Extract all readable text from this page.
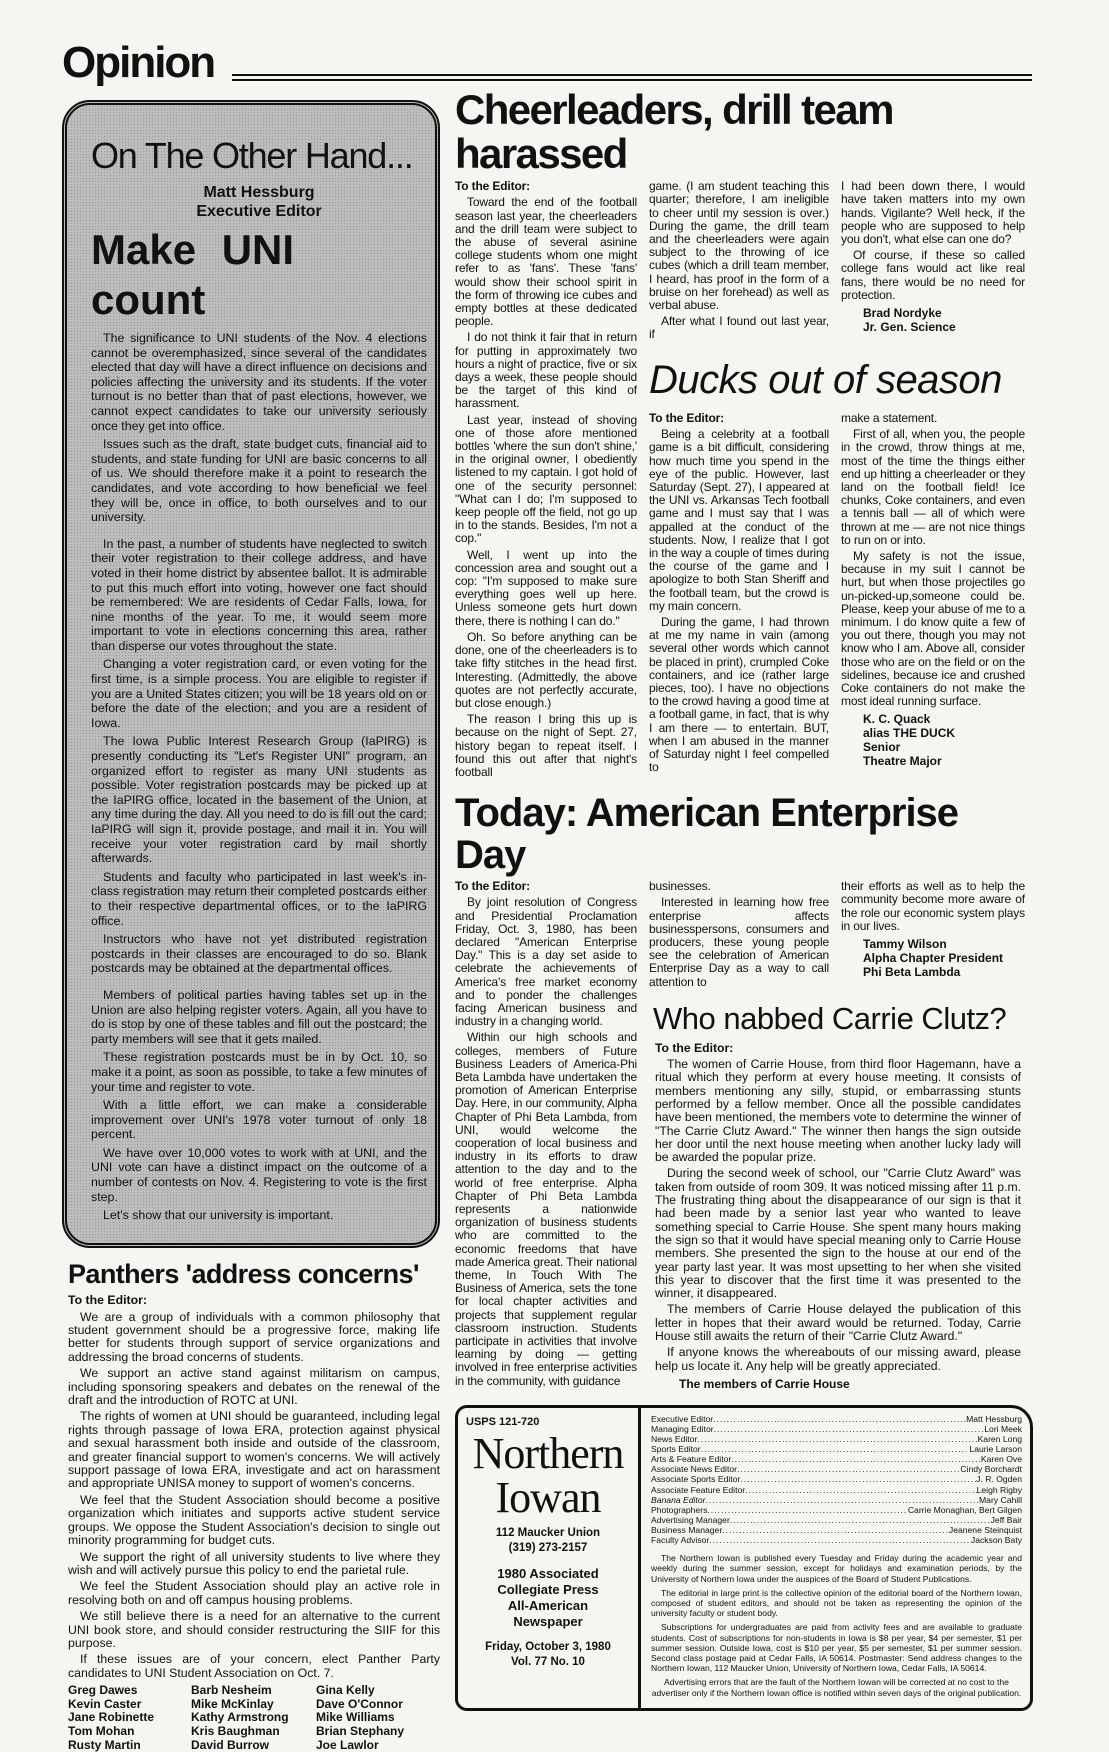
Opinion
On The Other Hand...
Matt Hessburg
Executive Editor
Make UNI count

The significance to UNI students of the Nov. 4 elections cannot be overemphasized, since several of the candidates elected that day will have a direct influence on decisions and policies affecting the university and its students. If the voter turnout is no better than that of past elections, however, we cannot expect candidates to take our university seriously once they get into office.

Issues such as the draft, state budget cuts, financial aid to students, and state funding for UNI are basic concerns to all of us. We should therefore make it a point to research the candidates, and vote according to how beneficial we feel they will be, once in office, to both ourselves and to our university.

In the past, a number of students have neglected to switch their voter registration to their college address, and have voted in their home district by absentee ballot. It is admirable to put this much effort into voting, however one fact should be remembered: We are residents of Cedar Falls, Iowa, for nine months of the year. To me, it would seem more important to vote in elections concerning this area, rather than disperse our votes throughout the state.

Changing a voter registration card, or even voting for the first time, is a simple process. You are eligible to register if you are a United States citizen; you will be 18 years old on or before the date of the election; and you are a resident of Iowa.

The Iowa Public Interest Research Group (IaPIRG) is presently conducting its "Let's Register UNI" program, an organized effort to register as many UNI students as possible. Voter registration postcards may be picked up at the IaPIRG office, located in the basement of the Union, at any time during the day. All you need to do is fill out the card; IaPIRG will sign it, provide postage, and mail it in. You will receive your voter registration card by mail shortly afterwards.

Students and faculty who participated in last week's in-class registration may return their completed postcards either to their respective departmental offices, or to the IaPIRG office.

Instructors who have not yet distributed registration postcards in their classes are encouraged to do so. Blank postcards may be obtained at the departmental offices.

Members of political parties having tables set up in the Union are also helping register voters. Again, all you have to do is stop by one of these tables and fill out the postcard; the party members will see that it gets mailed.

These registration postcards must be in by Oct. 10, so make it a point, as soon as possible, to take a few minutes of your time and register to vote.

With a little effort, we can make a considerable improvement over UNI's 1978 voter turnout of only 18 percent.

We have over 10,000 votes to work with at UNI, and the UNI vote can have a distinct impact on the outcome of a number of contests on Nov. 4. Registering to vote is the first step.

Let's show that our university is important.

Panthers 'address concerns'

To the Editor:

We are a group of individuals with a common philosophy that student government should be a progressive force, making life better for students through support of service organizations and addressing the broad concerns of students.

We support an active stand against militarism on campus, including sponsoring speakers and debates on the renewal of the draft and the introduction of ROTC at UNI.

The rights of women at UNI should be guaranteed, including legal rights through passage of Iowa ERA, protection against physical and sexual harassment both inside and outside of the classroom, and greater financial support to women's concerns. We will actively support passage of Iowa ERA, investigate and act on harassment and appropriate UNISA money to support of women's concerns.

We feel that the Student Association should become a positive organization which initiates and supports active student service groups. We oppose the Student Association's decision to single out minority programming for budget cuts.

We support the right of all university students to live where they wish and will actively pursue this policy to end the parietal rule.

We feel the Student Association should play an active role in resolving both on and off campus housing problems.

We still believe there is a need for an alternative to the current UNI book store, and should consider restructuring the SIIF for this purpose.

If these issues are of your concern, elect Panther Party candidates to UNI Student Association on Oct. 7.

Greg Dawes	Barb Nesheim	Gina Kelly
Kevin Caster	Mike McKinlay	Dave O'Connor
Jane Robinette	Kathy Armstrong	Mike Williams
Tom Mohan	Kris Baughman	Brian Stephany
Rusty Martin	David Burrow	Joe Lawlor
Cheerleaders, drill team harassed

To the Editor:

Toward the end of the football season last year, the cheerleaders and the drill team were subject to the abuse of several asinine college students whom one might refer to as 'fans'. These 'fans' would show their school spirit in the form of throwing ice cubes and empty bottles at these dedicated people.

I do not think it fair that in return for putting in approximately two hours a night of practice, five or six days a week, these people should be the target of this kind of harassment.

Last year, instead of shoving one of those afore mentioned bottles 'where the sun don't shine,' in the original owner, I obediently listened to my captain. I got hold of one of the security personnel: "What can I do; I'm supposed to keep people off the field, not go up in to the stands. Besides, I'm not a cop."

Well, I went up into the concession area and sought out a cop: "I'm supposed to make sure everything goes well up here. Unless someone gets hurt down there, there is nothing I can do."

Oh. So before anything can be done, one of the cheerleaders is to take fifty stitches in the head first. Interesting. (Admittedly, the above quotes are not perfectly accurate, but close enough.)

The reason I bring this up is because on the night of Sept. 27, history began to repeat itself. I found this out after that night's football

game. (I am student teaching this quarter; therefore, I am ineligible to cheer until my session is over.) During the game, the drill team and the cheerleaders were again subject to the throwing of ice cubes (which a drill team member, I heard, has proof in the form of a bruise on her forehead) as well as verbal abuse.

After what I found out last year, if

I had been down there, I would have taken matters into my own hands. Vigilante? Well heck, if the people who are supposed to help you don't, what else can one do?

Of course, if these so called college fans would act like real fans, there would be no need for protection.

Brad Nordyke
Jr. Gen. Science
Ducks out of season

To the Editor:

Being a celebrity at a football game is a bit difficult, considering how much time you spend in the eye of the public. However, last Saturday (Sept. 27), I appeared at the UNI vs. Arkansas Tech football game and I must say that I was appalled at the conduct of the students. Now, I realize that I got in the way a couple of times during the course of the game and I apologize to both Stan Sheriff and the football team, but the crowd is my main concern.

During the game, I had thrown at me my name in vain (among several other words which cannot be placed in print), crumpled Coke containers, and ice (rather large pieces, too). I have no objections to the crowd having a good time at a football game, in fact, that is why I am there — to entertain. BUT, when I am abused in the manner of Saturday night I feel compelled to

make a statement.

First of all, when you, the people in the crowd, throw things at me, most of the time the things either end up hitting a cheerleader or they land on the football field! Ice chunks, Coke containers, and even a tennis ball — all of which were thrown at me — are not nice things to run on or into.

My safety is not the issue, because in my suit I cannot be hurt, but when those projectiles go un-picked-up,someone could be. Please, keep your abuse of me to a minimum. I do know quite a few of you out there, though you may not know who I am. Above all, consider those who are on the field or on the sidelines, because ice and crushed Coke containers do not make the most ideal running surface.

K. C. Quack
alias THE DUCK
Senior
Theatre Major
Today: American Enterprise Day

To the Editor:

By joint resolution of Congress and Presidential Proclamation Friday, Oct. 3, 1980, has been declared "American Enterprise Day." This is a day set aside to celebrate the achievements of America's free market economy and to ponder the challenges facing American business and industry in a changing world.

Within our high schools and colleges, members of Future Business Leaders of America-Phi Beta Lambda have undertaken the promotion of American Enterprise Day. Here, in our community, Alpha Chapter of Phi Beta Lambda, from UNI, would welcome the cooperation of local business and industry in its efforts to draw attention to the day and to the world of free enterprise. Alpha Chapter of Phi Beta Lambda represents a nationwide organization of business students who are committed to the economic freedoms that have made America great. Their national theme, In Touch With The Business of America, sets the tone for local chapter activities and projects that supplement regular classroom instruction. Students participate in activities that involve learning by doing — getting involved in free enterprise activities in the community, with guidance

businesses.

Interested in learning how free enterprise affects businesspersons, consumers and producers, these young people see the celebration of American Enterprise Day as a way to call attention to

their efforts as well as to help the community become more aware of the role our economic system plays in our lives.

Tammy Wilson
Alpha Chapter President
Phi Beta Lambda
Who nabbed Carrie Clutz?

To the Editor:

The women of Carrie House, from third floor Hagemann, have a ritual which they perform at every house meeting. It consists of members mentioning any silly, stupid, or embarrassing stunts performed by a fellow member. Once all the possible candidates have been mentioned, the members vote to determine the winner of "The Carrie Clutz Award." The winner then hangs the sign outside her door until the next house meeting when another lucky lady will be awarded the popular prize.

During the second week of school, our "Carrie Clutz Award" was taken from outside of room 309. It was noticed missing after 11 p.m. The frustrating thing about the disappearance of our sign is that it had been made by a senior last year who wanted to leave something special to Carrie House. She spent many hours making the sign so that it would have special meaning only to Carrie House members. She presented the sign to the house at our end of the year party last year. It was most upsetting to her when she visited this year to discover that the first time it was presented to the winner, it disappeared.

The members of Carrie House delayed the publication of this letter in hopes that their award would be returned. Today, Carrie House still awaits the return of their "Carrie Clutz Award."

If anyone knows the whereabouts of our missing award, please help us locate it. Any help will be greatly appreciated.

The members of Carrie House
USPS 121-720
Northern
Iowan
112 Maucker Union
(319) 273-2157
1980 Associated
Collegiate Press
All-American
Newspaper
Friday, October 3, 1980
Vol. 77 No. 10
Executive Editor .....	Matt Hessburg
Managing Editor .....	Lori Meek
News Editor .....	Karen Long
Sports Editor .....	Laurie Larson
Arts & Feature Editor .....	Karen Ove
Associate News Editor .....	Cindy Borchardt
Associate Sports Editor .....	J. R. Ogden
Associate Feature Editor .....	Leigh Rigby
Banana Editor .....	Mary Cahill
Photographers .....	Carrie Monaghan, Bert Gilgen
Advertising Manager .....	Jeff Bair
Business Manager .....	Jeanene Steinquist
Faculty Advisor .....	Jackson Baty

The Northern Iowan is published every Tuesday and Friday during the academic year and weekly during the summer session, except for holidays and examination periods, by the University of Northern Iowa under the auspices of the Board of Student Publications.

The editorial in large print is the collective opinion of the editorial board of the Northern Iowan, composed of student editors, and should not be taken as representing the opinion of the university faculty or student body.

Subscriptions for undergraduates are paid from activity fees and are available to graduate students. Cost of subscriptions for non-students in Iowa is $8 per year, $4 per semester, $1 per summer session. Outside Iowa, cost is $10 per year, $5 per semester, $1 per summer session. Second class postage paid at Cedar Falls, IA 50614. Postmaster: Send address changes to the Northern Iowan, 112 Maucker Union, University of Northern Iowa, Cedar Falls, IA 50614.

Advertising errors that are the fault of the Northern Iowan will be corrected at no cost to the advertiser only if the Northern Iowan office is notified within seven days of the original publication.
